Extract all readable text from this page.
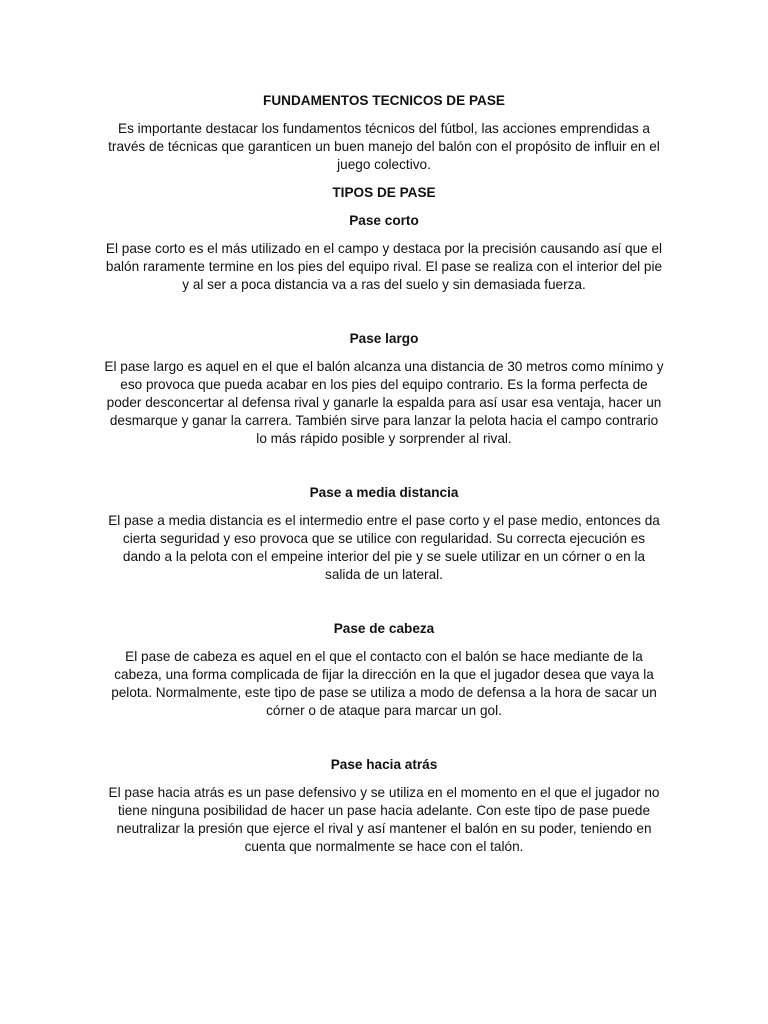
FUNDAMENTOS TECNICOS DE PASE

Es importante destacar los fundamentos técnicos del fútbol, las acciones emprendidas a través de técnicas que garanticen un buen manejo del balón con el propósito de influir en el juego colectivo.

TIPOS DE PASE

Pase corto

El pase corto es el más utilizado en el campo y destaca por la precisión causando así que el balón raramente termine en los pies del equipo rival. El pase se realiza con el interior del pie y al ser a poca distancia va a ras del suelo y sin demasiada fuerza.

Pase largo

El pase largo es aquel en el que el balón alcanza una distancia de 30 metros como mínimo y eso provoca que pueda acabar en los pies del equipo contrario. Es la forma perfecta de poder desconcertar al defensa rival y ganarle la espalda para así usar esa ventaja, hacer un desmarque y ganar la carrera. También sirve para lanzar la pelota hacia el campo contrario lo más rápido posible y sorprender al rival.

Pase a media distancia

El pase a media distancia es el intermedio entre el pase corto y el pase medio, entonces da cierta seguridad y eso provoca que se utilice con regularidad. Su correcta ejecución es dando a la pelota con el empeine interior del pie y se suele utilizar en un córner o en la salida de un lateral.

Pase de cabeza

El pase de cabeza es aquel en el que el contacto con el balón se hace mediante de la cabeza, una forma complicada de fijar la dirección en la que el jugador desea que vaya la pelota. Normalmente, este tipo de pase se utiliza a modo de defensa a la hora de sacar un córner o de ataque para marcar un gol.

Pase hacia atrás

El pase hacia atrás es un pase defensivo y se utiliza en el momento en el que el jugador no tiene ninguna posibilidad de hacer un pase hacia adelante. Con este tipo de pase puede neutralizar la presión que ejerce el rival y así mantener el balón en su poder, teniendo en cuenta que normalmente se hace con el talón.
